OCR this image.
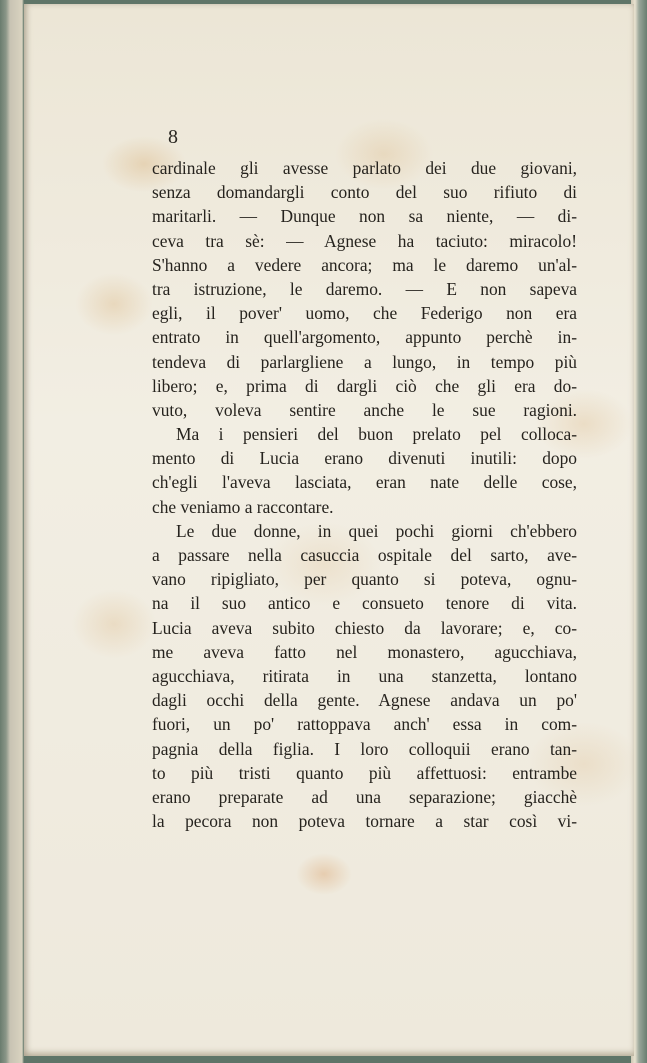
8

cardinale gli avesse parlato dei due giovani,
senza domandargli conto del suo rifiuto di
maritarli. — Dunque non sa niente, — di-
ceva tra sè: — Agnese ha taciuto: miracolo!
S'hanno a vedere ancora; ma le daremo un'al-
tra istruzione, le daremo. — E non sapeva
egli, il pover' uomo, che Federigo non era
entrato in quell'argomento, appunto perchè in-
tendeva di parlargliene a lungo, in tempo più
libero; e, prima di dargli ciò che gli era do-
vuto, voleva sentire anche le sue ragioni.
Ma i pensieri del buon prelato pel colloca-
mento di Lucia erano divenuti inutili: dopo
ch'egli l'aveva lasciata, eran nate delle cose,
che veniamo a raccontare.
Le due donne, in quei pochi giorni ch'ebbero
a passare nella casuccia ospitale del sarto, ave-
vano ripigliato, per quanto si poteva, ognu-
na il suo antico e consueto tenore di vita.
Lucia aveva subito chiesto da lavorare; e, co-
me aveva fatto nel monastero, agucchiava,
agucchiava, ritirata in una stanzetta, lontano
dagli occhi della gente. Agnese andava un po'
fuori, un po' rattoppava anch' essa in com-
pagnia della figlia. I loro colloquii erano tan-
to più tristi quanto più affettuosi: entrambe
erano preparate ad una separazione; giacchè
la pecora non poteva tornare a star così vi-
